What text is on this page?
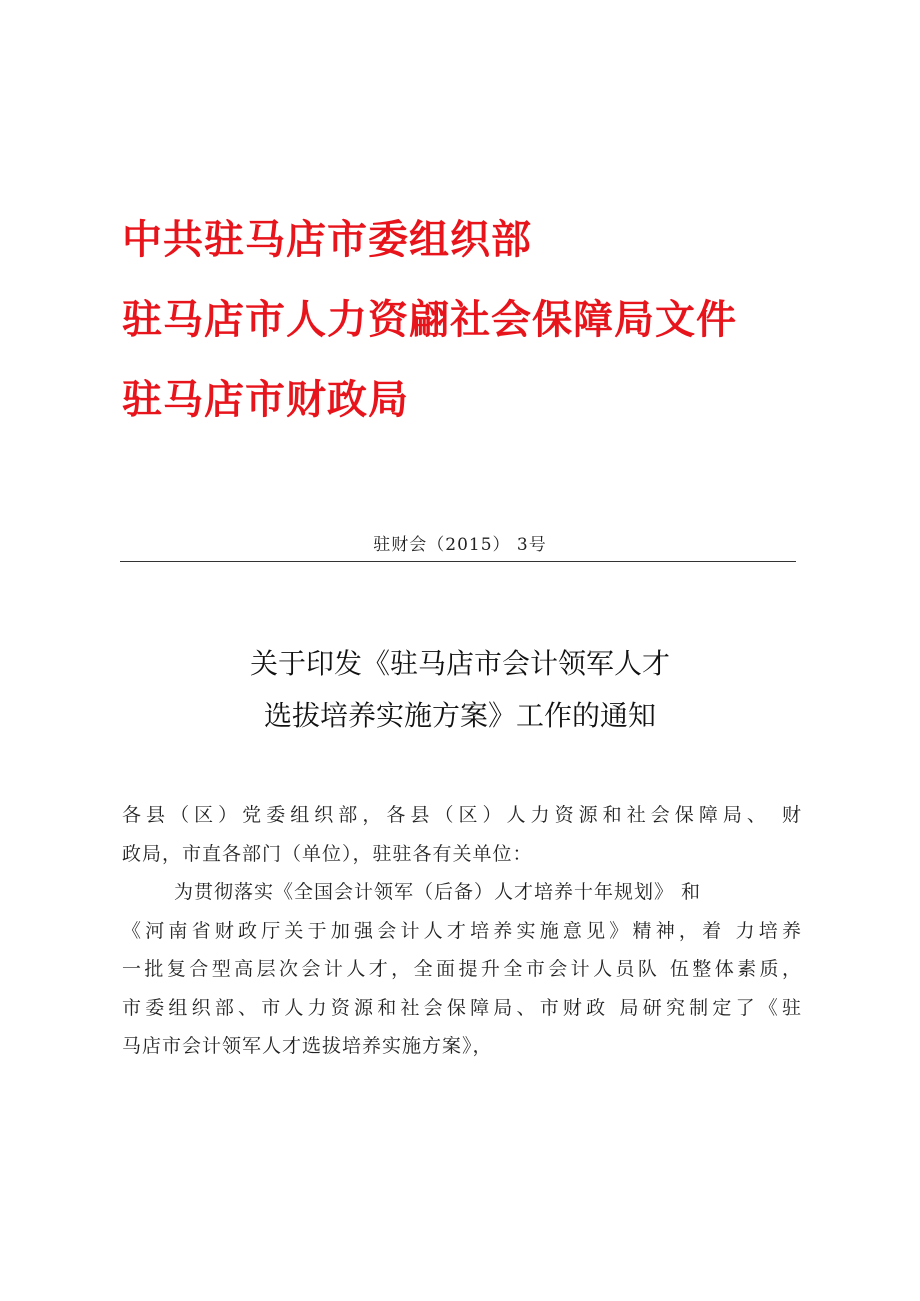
中共驻马店市委组织部
驻马店市人力资翩社会保障局文件
驻马店市财政局
驻财会（2015） 3号
关于印发《驻马店市会计领军人才
选拔培养实施方案》工作的通知
各县（区）党委组织部，各县（区）人力资源和社会保障局、 财
政局，市直各部门（单位），驻驻各有关单位：
为贯彻落实《全国会计领军（后备）人才培养十年规划》 和
《河南省财政厅关于加强会计人才培养实施意见》精神，着 力培养
一批复合型高层次会计人才，全面提升全市会计人员队 伍整体素质，
市委组织部、市人力资源和社会保障局、市财政 局研究制定了《驻
马店市会计领军人才选拔培养实施方案》，
